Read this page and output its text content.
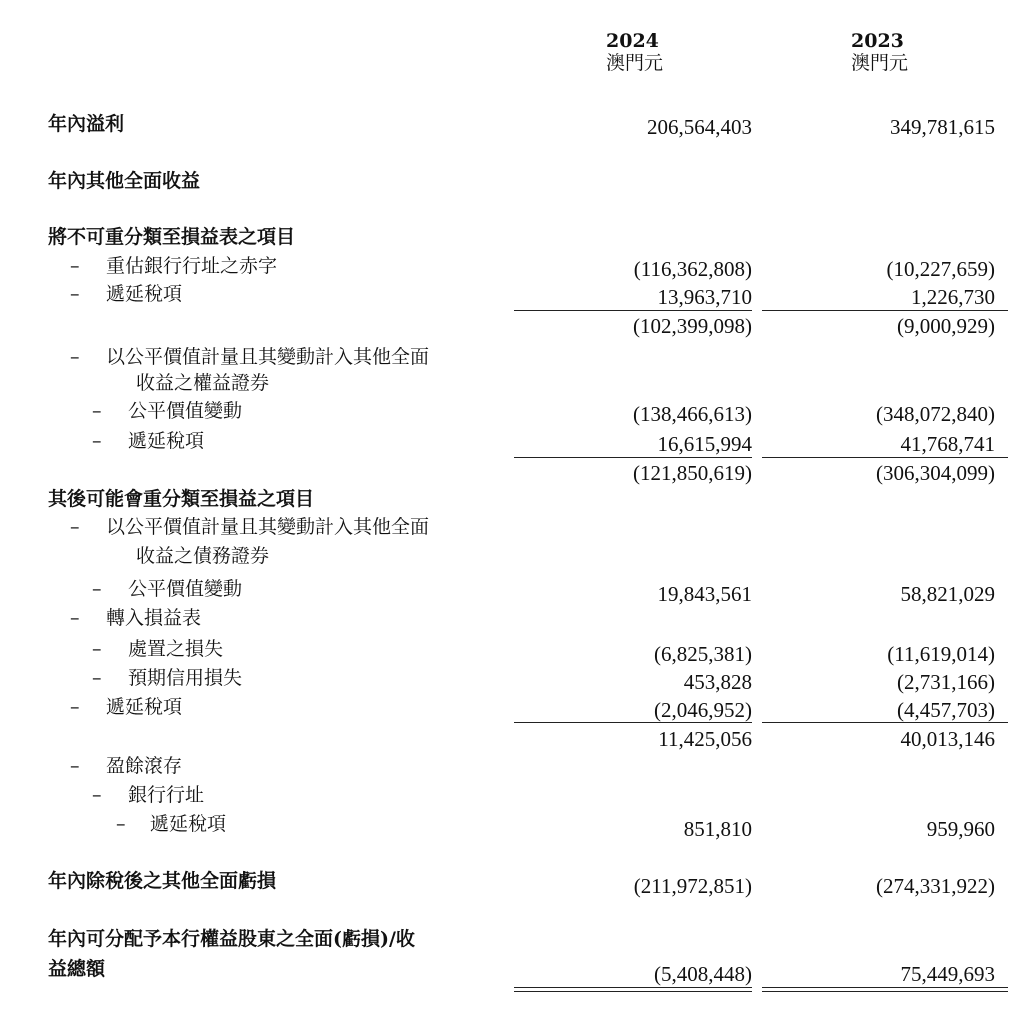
2024
澳門元
2023
澳門元
年內溢利	206,564,403	349,781,615
年內其他全面收益
將不可重分類至損益表之項目
– 重估銀行行址之赤字	(116,362,808)	(10,227,659)
– 遞延稅項	13,963,710	1,226,730
(102,399,098)	(9,000,929)
– 以公平價值計量且其變動計入其他全面
收益之權益證券
– 公平價值變動	(138,466,613)	(348,072,840)
– 遞延稅項	16,615,994	41,768,741
(121,850,619)	(306,304,099)
其後可能會重分類至損益之項目
– 以公平價值計量且其變動計入其他全面
收益之債務證券
– 公平價值變動	19,843,561	58,821,029
– 轉入損益表
– 處置之損失	(6,825,381)	(11,619,014)
– 預期信用損失	453,828	(2,731,166)
– 遞延稅項	(2,046,952)	(4,457,703)
11,425,056	40,013,146
– 盈餘滾存
– 銀行行址
– 遞延稅項	851,810	959,960
年內除稅後之其他全面虧損	(211,972,851)	(274,331,922)
年內可分配予本行權益股東之全面(虧損)/收
益總額	(5,408,448)	75,449,693
